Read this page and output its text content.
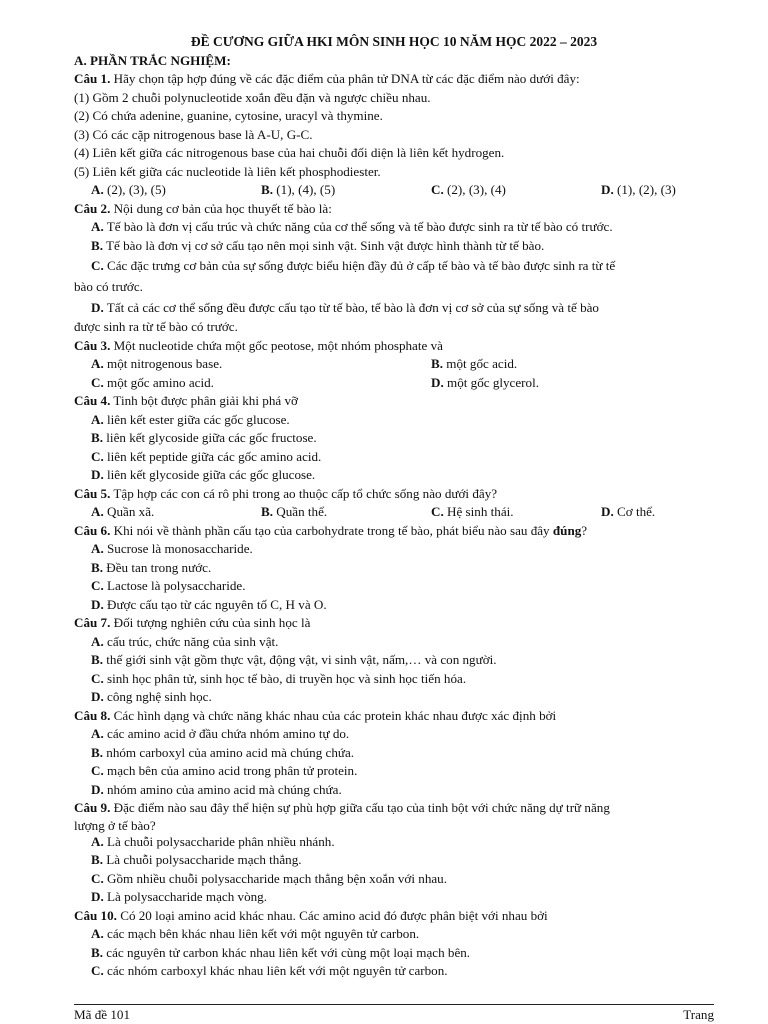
ĐỀ CƯƠNG GIỮA HKI MÔN SINH HỌC 10 NĂM HỌC 2022 – 2023
A. PHẦN TRẮC NGHIỆM:
Câu 1. Hãy chọn tập hợp đúng về các đặc điểm của phân tử DNA từ các đặc điểm nào dưới đây:
(1) Gồm 2 chuỗi polynucleotide xoắn đều đặn và ngược chiều nhau.
(2) Có chứa adenine, guanine, cytosine, uracyl và thymine.
(3) Có các cặp nitrogenous base là A-U, G-C.
(4) Liên kết giữa các nitrogenous base của hai chuỗi đối diện là liên kết hydrogen.
(5) Liên kết giữa các nucleotide là liên kết phosphodiester.
A. (2), (3), (5)	B. (1), (4), (5)	C. (2), (3), (4)	D. (1), (2), (3)
Câu 2. Nội dung cơ bản của học thuyết tế bào là:
A. Tế bào là đơn vị cấu trúc và chức năng của cơ thể sống và tế bào được sinh ra từ tế bào có trước.
B. Tế bào là đơn vị cơ sở cấu tạo nên mọi sinh vật. Sinh vật được hình thành từ tế bào.
C. Các đặc trưng cơ bản của sự sống được biểu hiện đầy đủ ở cấp tế bào và tế bào được sinh ra từ tế
bào có trước.
D. Tất cả các cơ thể sống đều được cấu tạo từ tế bào, tế bào là đơn vị cơ sở của sự sống và tế bào
được sinh ra từ tế bào có trước.
Câu 3. Một nucleotide chứa một gốc peotose, một nhóm phosphate và
A. một nitrogenous base.	B. một gốc acid.
C. một gốc amino acid.	D. một gốc glycerol.
Câu 4. Tinh bột được phân giải khi phá vỡ
A. liên kết ester giữa các gốc glucose.
B. liên kết glycoside giữa các gốc fructose.
C. liên kết peptide giữa các gốc amino acid.
D. liên kết glycoside giữa các gốc glucose.
Câu 5. Tập hợp các con cá rô phi trong ao thuộc cấp tổ chức sống nào dưới đây?
A. Quần xã.	B. Quần thể.	C. Hệ sinh thái.	D. Cơ thể.
Câu 6. Khi nói về thành phần cấu tạo của carbohydrate trong tế bào, phát biểu nào sau đây đúng?
A. Sucrose là monosaccharide.
B. Đều tan trong nước.
C. Lactose là polysaccharide.
D. Được cấu tạo từ các nguyên tố C, H và O.
Câu 7. Đối tượng nghiên cứu của sinh học là
A. cấu trúc, chức năng của sinh vật.
B. thế giới sinh vật gồm thực vật, động vật, vi sinh vật, nấm,… và con người.
C. sinh học phân tử, sinh học tế bào, di truyền học và sinh học tiến hóa.
D. công nghệ sinh học.
Câu 8. Các hình dạng và chức năng khác nhau của các protein khác nhau được xác định bởi
A. các amino acid ở đầu chứa nhóm amino tự do.
B. nhóm carboxyl của amino acid mà chúng chứa.
C. mạch bên của amino acid trong phân tử protein.
D. nhóm amino của amino acid mà chúng chứa.
Câu 9. Đặc điểm nào sau đây thể hiện sự phù hợp giữa cấu tạo của tinh bột với chức năng dự trữ năng
lượng ở tế bào?
A. Là chuỗi polysaccharide phân nhiều nhánh.
B. Là chuỗi polysaccharide mạch thẳng.
C. Gồm nhiều chuỗi polysaccharide mạch thẳng bện xoắn với nhau.
D. Là polysaccharide mạch vòng.
Câu 10. Có 20 loại amino acid khác nhau. Các amino acid đó được phân biệt với nhau bởi
A. các mạch bên khác nhau liên kết với một nguyên tử carbon.
B. các nguyên tử carbon khác nhau liên kết với cùng một loại mạch bên.
C. các nhóm carboxyl khác nhau liên kết với một nguyên tử carbon.
Mã đề 101	Trang
